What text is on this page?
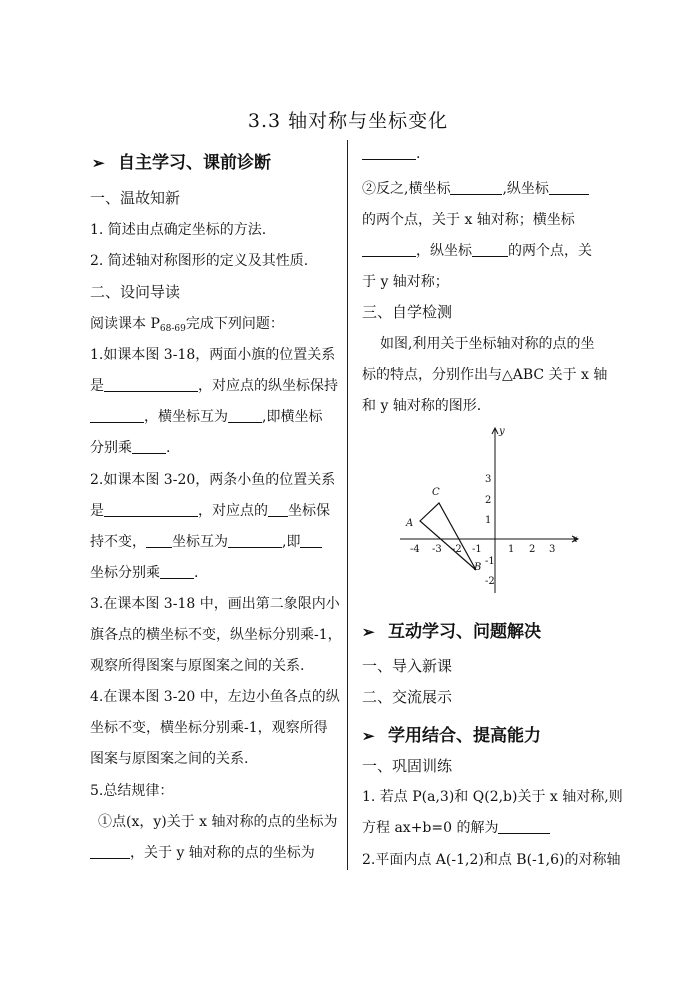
3.3 轴对称与坐标变化
➢ 自主学习、课前诊断
一、温故知新
1. 简述由点确定坐标的方法.
2. 简述轴对称图形的定义及其性质.
二、设问导读
阅读课本 $P_{68-69}$完成下列问题：
1.如课本图 3-18，两面小旗的位置关系
是	，对应点的纵坐标保持
，横坐标互为 ,即横坐标
分别乘 .
2.如课本图 3-20，两条小鱼的位置关系
是	，对应点的 坐标保
持不变， 坐标互为	,即
坐标分别乘 .
3.在课本图 3-18 中，画出第二象限内小
旗各点的横坐标不变，纵坐标分别乘-1，
观察所得图案与原图案之间的关系.
4.在课本图 3-20 中，左边小鱼各点的纵
坐标不变，横坐标分别乘-1，观察所得
图案与原图案之间的关系.
5.总结规律：
①点(x，y)关于 x 轴对称的点的坐标为
，关于 y 轴对称的点的坐标为
.
②反之,横坐标	,纵坐标
的两个点，关于 x 轴对称；横坐标
，纵坐标	的两个点，关
于 y 轴对称；
三、自学检测
如图,利用关于坐标轴对称的点的坐
标的特点，分别作出与△ABC 关于 x 轴
和 y 轴对称的图形.
y
x
-4 -3 -2 -1	1 2 3
3
2
1
-1
-2
A
C
B
➢ 互动学习、问题解决
一、导入新课
二、交流展示
➢ 学用结合、提高能力
一、巩固训练
1. 若点 P(a,3)和 Q(2,b)关于 x 轴对称,则
方程 ax+b=0 的解为
2.平面内点 A(-1,2)和点 B(-1,6)的对称轴
